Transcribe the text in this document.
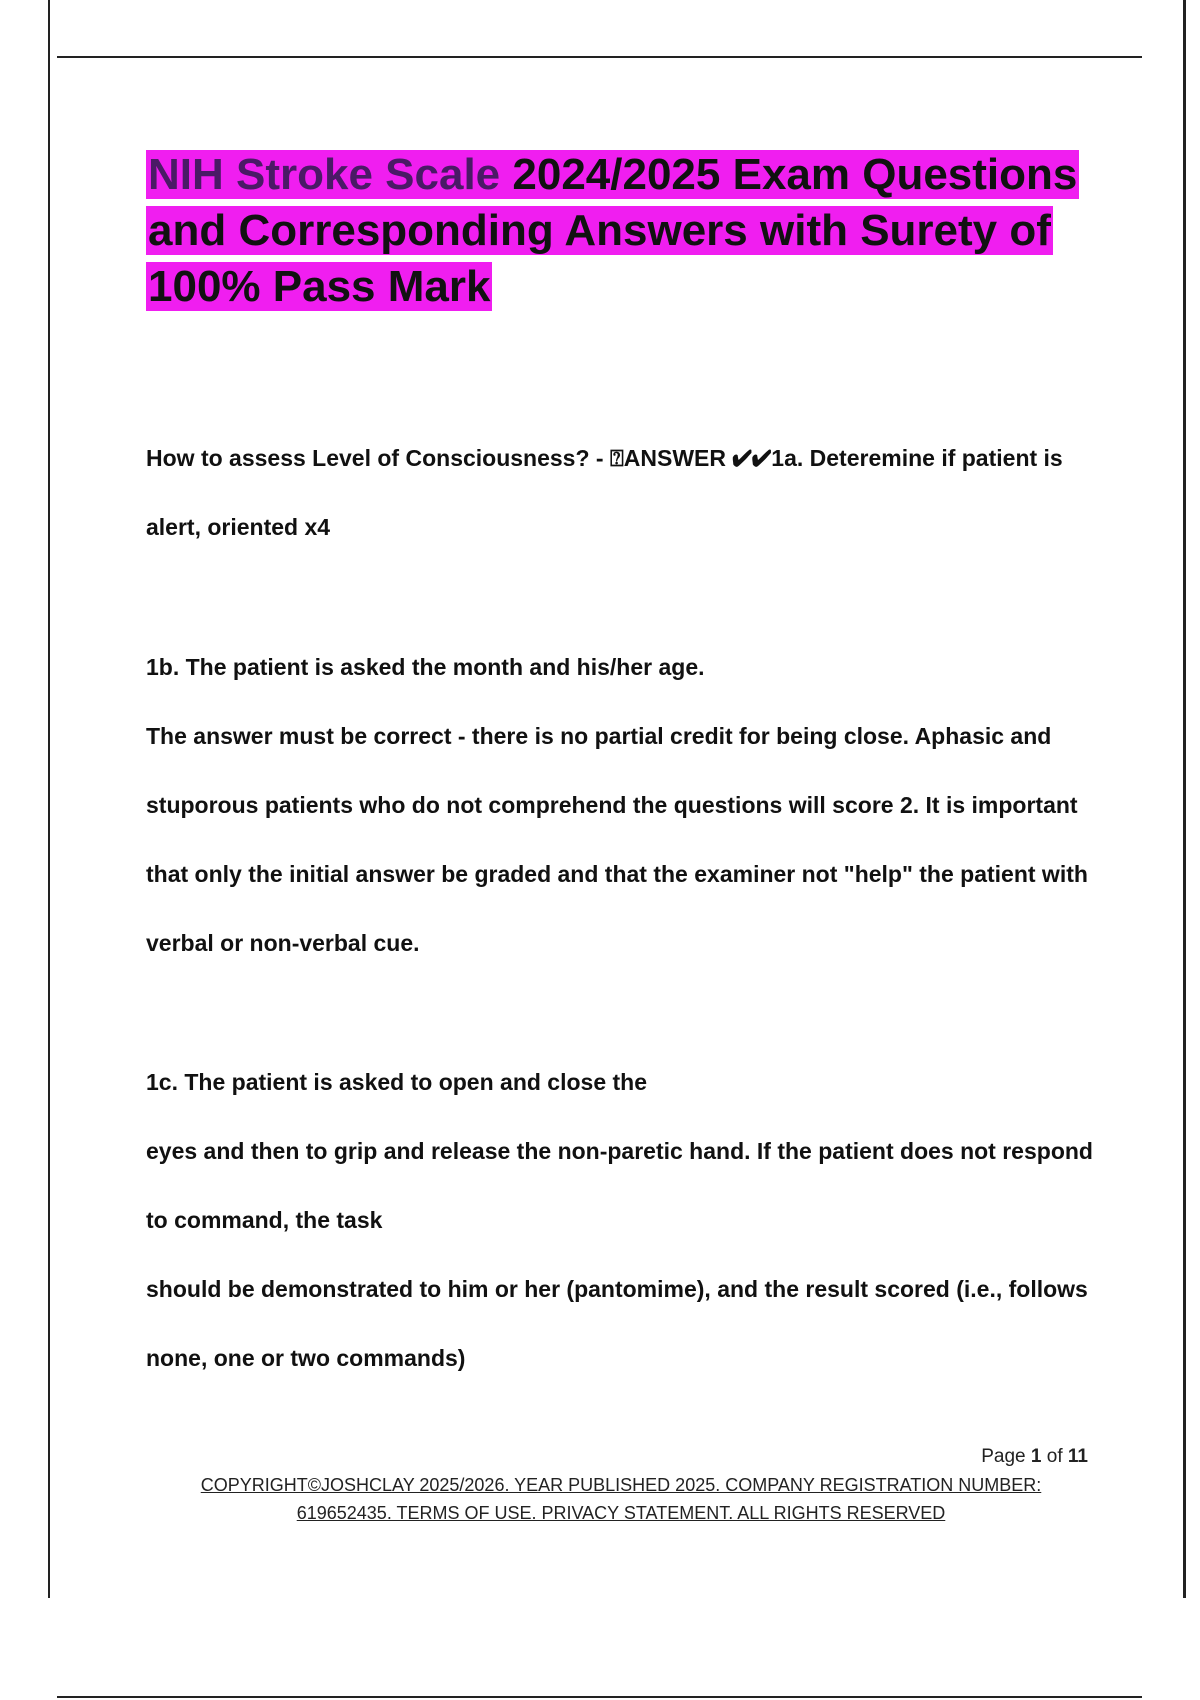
NIH Stroke Scale 2024/2025 Exam Questions and Corresponding Answers with Surety of 100% Pass Mark

How to assess Level of Consciousness? - ⍰ANSWER ✔✔1a. Deteremine if patient is alert, oriented x4

1b. The patient is asked the month and his/her age.

The answer must be correct - there is no partial credit for being close. Aphasic and stuporous patients who do not comprehend the questions will score 2. It is important that only the initial answer be graded and that the examiner not "help" the patient with verbal or non-verbal cue.

1c. The patient is asked to open and close the

eyes and then to grip and release the non-paretic hand. If the patient does not respond to command, the task

should be demonstrated to him or her (pantomime), and the result scored (i.e., follows none, one or two commands)

Page 1 of 11
COPYRIGHT©JOSHCLAY 2025/2026. YEAR PUBLISHED 2025. COMPANY REGISTRATION NUMBER:
619652435. TERMS OF USE. PRIVACY STATEMENT. ALL RIGHTS RESERVED
